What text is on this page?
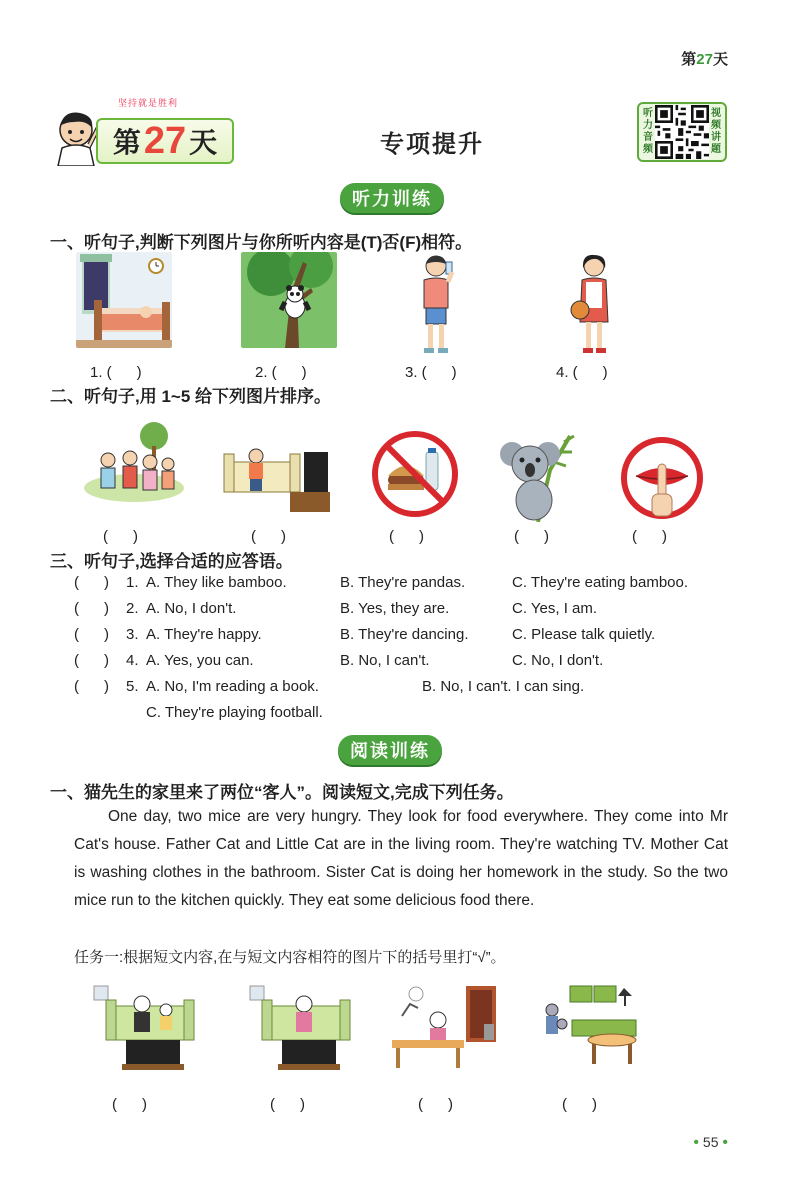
第27天
坚持就是胜利
第 27 天	专项提升
听力音频
视频讲题
听力训练
一、听句子,判断下列图片与你所听内容是(T)否(F)相符。
1. (      )	2. (      )	3. (      )	4. (      )
二、听句子,用 1~5 给下列图片排序。
(      )	(      )	(      )	(      )	(      )
三、听句子,选择合适的应答语。
(      ) 1. A. They like bamboo.	B. They're pandas.	C. They're eating bamboo.
(      ) 2. A. No, I don't.	B. Yes, they are.	C. Yes, I am.
(      ) 3. A. They're happy.	B. They're dancing.	C. Please talk quietly.
(      ) 4. A. Yes, you can.	B. No, I can't.	C. No, I don't.
(      ) 5. A. No, I'm reading a book.	B. No, I can't. I can sing.
C. They're playing football.
阅读训练
一、猫先生的家里来了两位“客人”。阅读短文,完成下列任务。

One day, two mice are very hungry. They look for food everywhere. They come into Mr Cat's house. Father Cat and Little Cat are in the living room. They're watching TV. Mother Cat is washing clothes in the bathroom. Sister Cat is doing her homework in the study. So the two mice run to the kitchen quickly. They eat some delicious food there.

任务一:根据短文内容,在与短文内容相符的图片下的括号里打“√”。
(      )	(      )	(      )	(      )
• 55 •
